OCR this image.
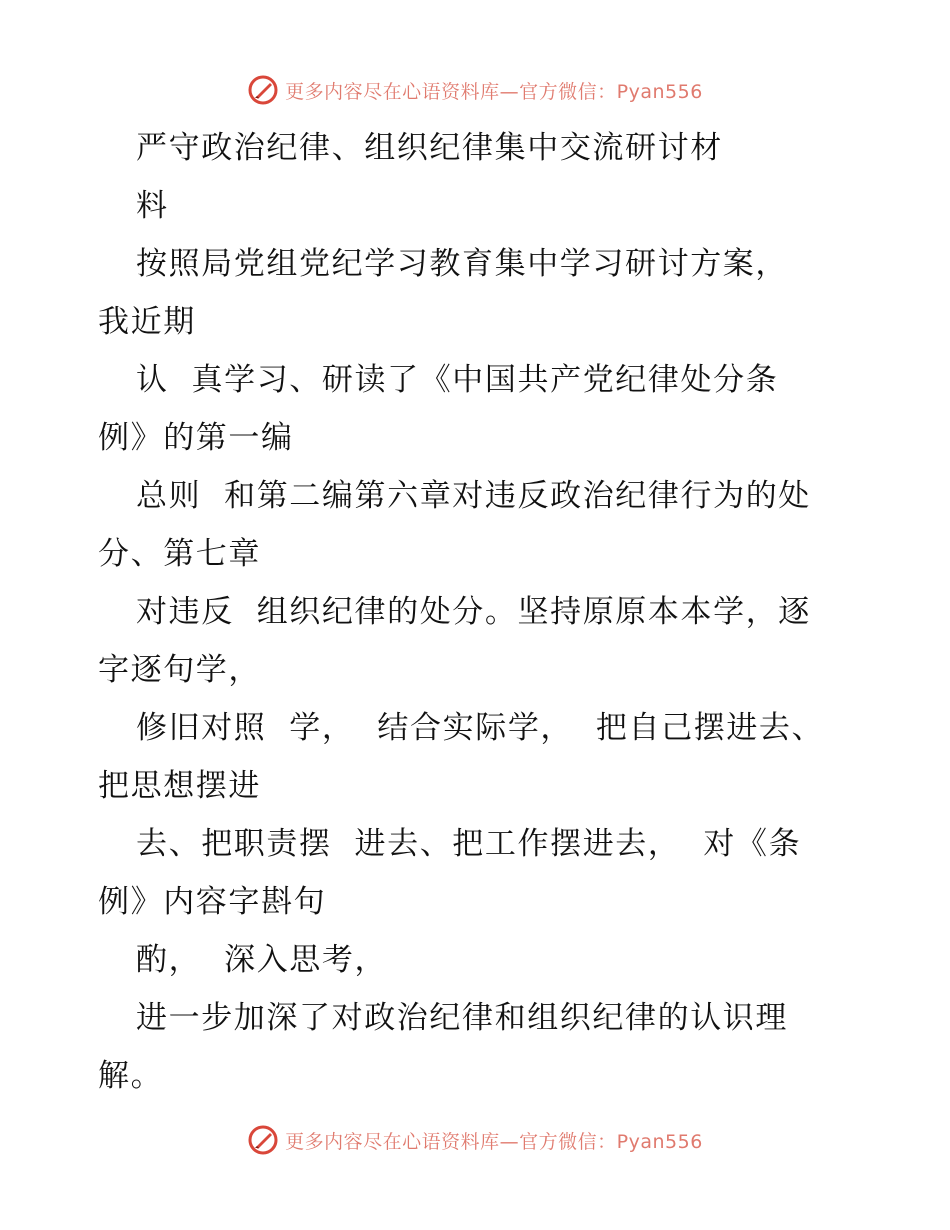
更多内容尽在心语资料库—官方微信：Pyan556
严守政治纪律、组织纪律集中交流研讨材
料
按照局党组党纪学习教育集中学习研讨方案，
我近期
认  真学习、研读了《中国共产党纪律处分条
例》的第一编
总则  和第二编第六章对违反政治纪律行为的处
分、第七章
对违反  组织纪律的处分。坚持原原本本学，逐
字逐句学，
修旧对照  学，  结合实际学，  把自己摆进去、
把思想摆进
去、把职责摆  进去、把工作摆进去，  对《条
例》内容字斟句
酌，  深入思考，
进一步加深了对政治纪律和组织纪律的认识理
解。
更多内容尽在心语资料库—官方微信：Pyan556
